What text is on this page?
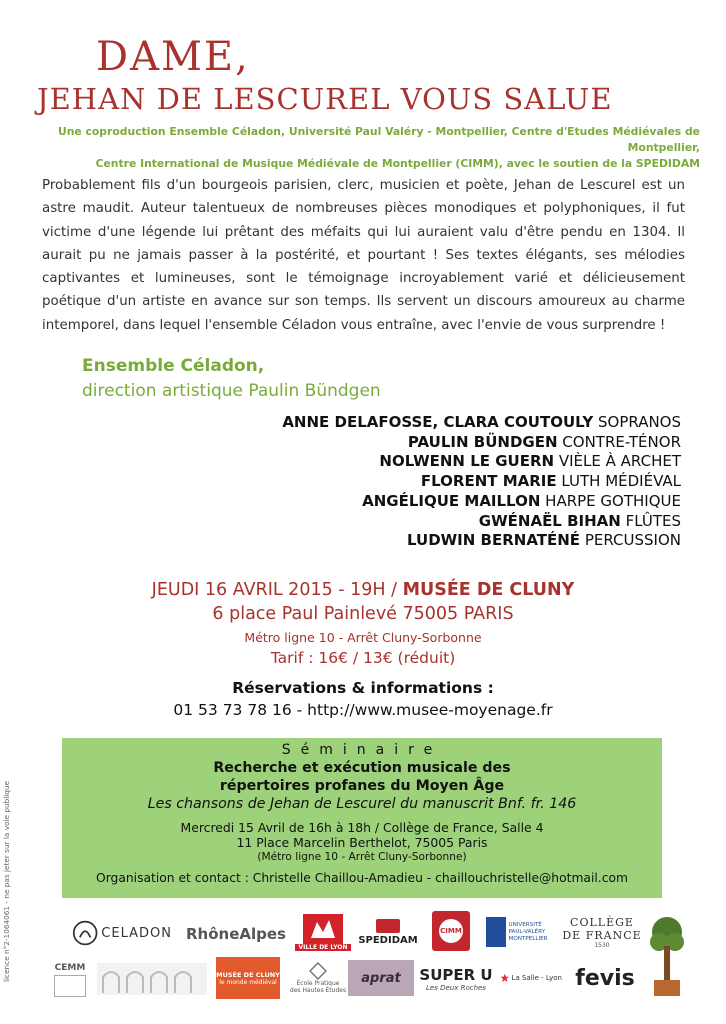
DAME,
JEHAN DE LESCUREL VOUS SALUE
Une coproduction Ensemble Céladon, Université Paul Valéry - Montpellier, Centre d'Etudes Médiévales de Montpellier,
Centre International de Musique Médiévale de Montpellier (CIMM), avec le soutien de la SPEDIDAM

Probablement fils d'un bourgeois parisien, clerc, musicien et poète, Jehan de Lescurel est un astre maudit. Auteur talentueux de nombreuses pièces monodiques et polyphoniques, il fut victime d'une légende lui prêtant des méfaits qui lui auraient valu d'être pendu en 1304. Il aurait pu ne jamais passer à la postérité, et pourtant ! Ses textes élégants, ses mélodies captivantes et lumineuses, sont le témoignage incroyablement varié et délicieusement poétique d'un artiste en avance sur son temps. Ils servent un discours amoureux au charme intemporel, dans lequel l'ensemble Céladon vous entraîne, avec l'envie de vous surprendre !

Ensemble Céladon,
direction artistique Paulin Bündgen
ANNE DELAFOSSE, CLARA COUTOULY SOPRANOS
PAULIN BÜNDGEN CONTRE-TÉNOR
NOLWENN LE GUERN VIÈLE À ARCHET
FLORENT MARIE LUTH MÉDIÉVAL
ANGÉLIQUE MAILLON HARPE GOTHIQUE
GWÉNAËL BIHAN FLÛTES
LUDWIN BERNATÉNÉ PERCUSSION
JEUDI 16 AVRIL 2015 - 19H / MUSÉE DE CLUNY
6 place Paul Painlevé 75005 PARIS
Métro ligne 10 - Arrêt Cluny-Sorbonne
Tarif : 16€ / 13€ (réduit)
Réservations & informations :
01 53 73 78 16 - http://www.musee-moyenage.fr
Séminaire
Recherche et exécution musicale des
répertoires profanes du Moyen Âge
Les chansons de Jehan de Lescurel du manuscrit Bnf. fr. 146
Mercredi 15 Avril de 16h à 18h / Collège de France, Salle 4
11 Place Marcelin Berthelot, 75005 Paris
(Métro ligne 10 - Arrêt Cluny-Sorbonne)
Organisation et contact : Christelle Chaillou-Amadieu - chaillouchristelle@hotmail.com
licence n°2-1064061 - ne pas jeter sur la voie publique	CELADON RhôneAlpes
VILLE DE LYON
SPEDIDAM
CIMM
UNIVERSITÉ PAUL-VALÉRY MONTPELLIER
COLLÈGE
DE FRANCE
1530
CEMM
MUSÉE DE CLUNY
le monde médiéval	École Pratique
des Hautes Études
aprat SUPER U
Les Deux Roches
La Salle - Lyon fevis
